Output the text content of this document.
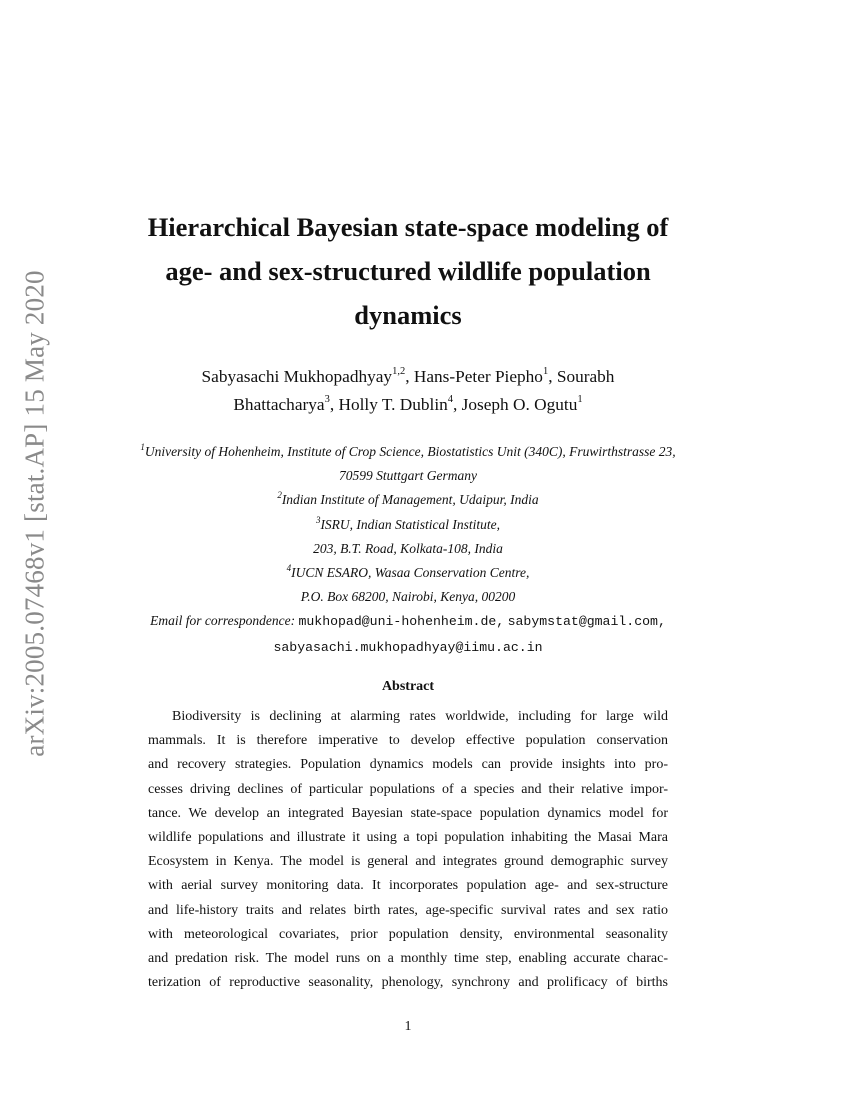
arXiv:2005.07468v1 [stat.AP] 15 May 2020
Hierarchical Bayesian state-space modeling of
age- and sex-structured wildlife population
dynamics
Sabyasachi Mukhopadhyay$^{1,2}$, Hans-Peter Piepho$^1$, Sourabh
Bhattacharya$^3$, Holly T. Dublin$^4$, Joseph O. Ogutu$^1$
$^1$University of Hohenheim, Institute of Crop Science, Biostatistics Unit (340C), Fruwirthstrasse 23,
70599 Stuttgart Germany
$^2$Indian Institute of Management, Udaipur, India
$^3$ISRU, Indian Statistical Institute,
203, B.T. Road, Kolkata-108, India
$^4$IUCN ESARO, Wasaa Conservation Centre,
P.O. Box 68200, Nairobi, Kenya, 00200
Email for correspondence: mukhopad@uni-hohenheim.de, sabymstat@gmail.com,
sabyasachi.mukhopadhyay@iimu.ac.in
Abstract
Biodiversity is declining at alarming rates worldwide, including for large wild
mammals. It is therefore imperative to develop effective population conservation
and recovery strategies. Population dynamics models can provide insights into pro-
cesses driving declines of particular populations of a species and their relative impor-
tance. We develop an integrated Bayesian state-space population dynamics model for
wildlife populations and illustrate it using a topi population inhabiting the Masai Mara
Ecosystem in Kenya. The model is general and integrates ground demographic survey
with aerial survey monitoring data. It incorporates population age- and sex-structure
and life-history traits and relates birth rates, age-specific survival rates and sex ratio
with meteorological covariates, prior population density, environmental seasonality
and predation risk. The model runs on a monthly time step, enabling accurate charac-
terization of reproductive seasonality, phenology, synchrony and prolificacy of births
1
